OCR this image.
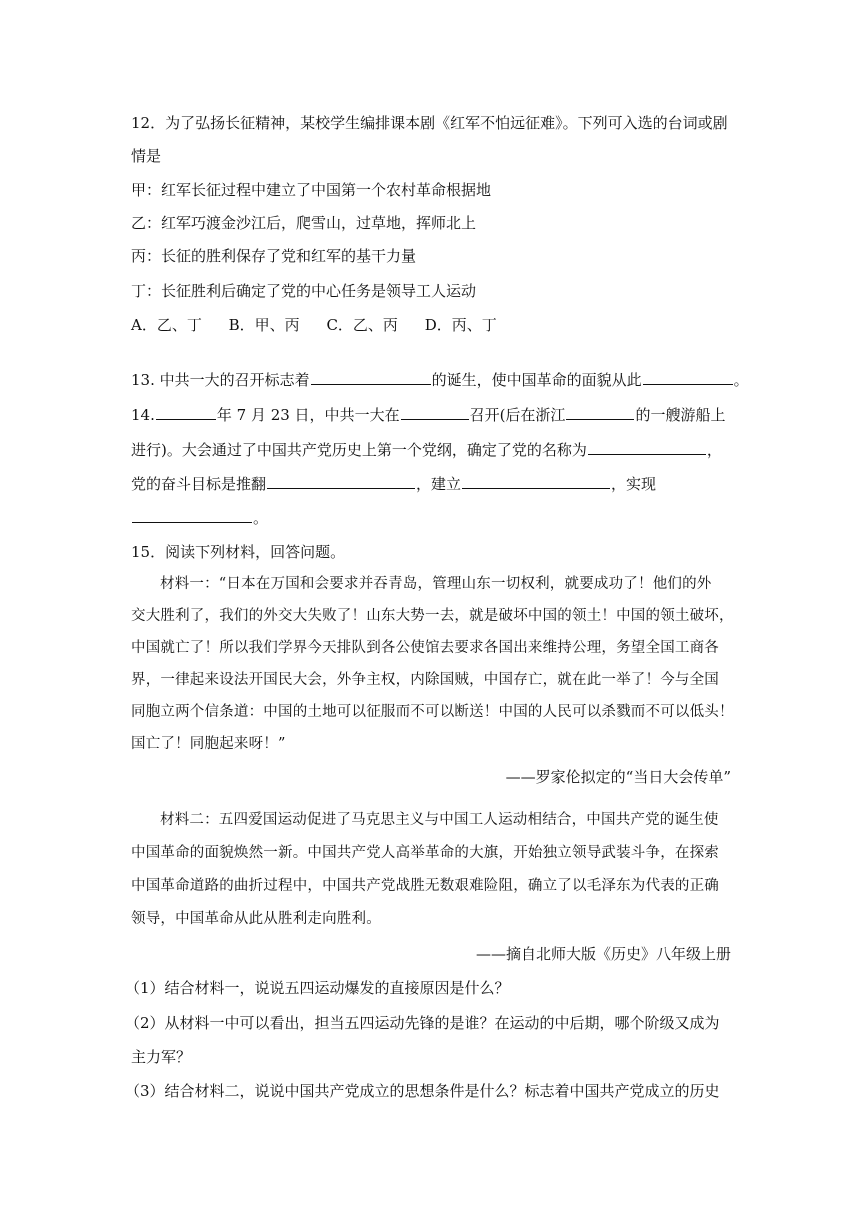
12．为了弘扬长征精神，某校学生编排课本剧《红军不怕远征难》。下列可入选的台词或剧
情是
甲：红军长征过程中建立了中国第一个农村革命根据地
乙：红军巧渡金沙江后，爬雪山，过草地，挥师北上
丙：长征的胜利保存了党和红军的基干力量
丁：长征胜利后确定了党的中心任务是领导工人运动
A．乙、丁 B．甲、丙 C．乙、丙 D．丙、丁
13. 中共一大的召开标志着	的诞生，使中国革命的面貌从此	。
14.	年 7 月 23 日，中共一大在	召开(后在浙江	的一艘游船上
进行)。大会通过了中国共产党历史上第一个党纲，确定了党的名称为	，
党的奋斗目标是推翻	，建立	，实现
。
15．阅读下列材料，回答问题。
材料一：“日本在万国和会要求并吞青岛，管理山东一切权利，就要成功了！他们的外
交大胜利了，我们的外交大失败了！山东大势一去，就是破坏中国的领土！中国的领土破坏，
中国就亡了！所以我们学界今天排队到各公使馆去要求各国出来维持公理，务望全国工商各
界，一律起来设法开国民大会，外争主权，内除国贼，中国存亡，就在此一举了！今与全国
同胞立两个信条道：中国的土地可以征服而不可以断送！中国的人民可以杀戮而不可以低头！
国亡了！同胞起来呀！”
——罗家伦拟定的“当日大会传单”
材料二：五四爱国运动促进了马克思主义与中国工人运动相结合，中国共产党的诞生使
中国革命的面貌焕然一新。中国共产党人高举革命的大旗，开始独立领导武装斗争，在探索
中国革命道路的曲折过程中，中国共产党战胜无数艰难险阻，确立了以毛泽东为代表的正确
领导，中国革命从此从胜利走向胜利。
——摘自北师大版《历史》八年级上册
（1）结合材料一，说说五四运动爆发的直接原因是什么？
（2）从材料一中可以看出，担当五四运动先锋的是谁？在运动的中后期，哪个阶级又成为
主力军？
（3）结合材料二，说说中国共产党成立的思想条件是什么？标志着中国共产党成立的历史
